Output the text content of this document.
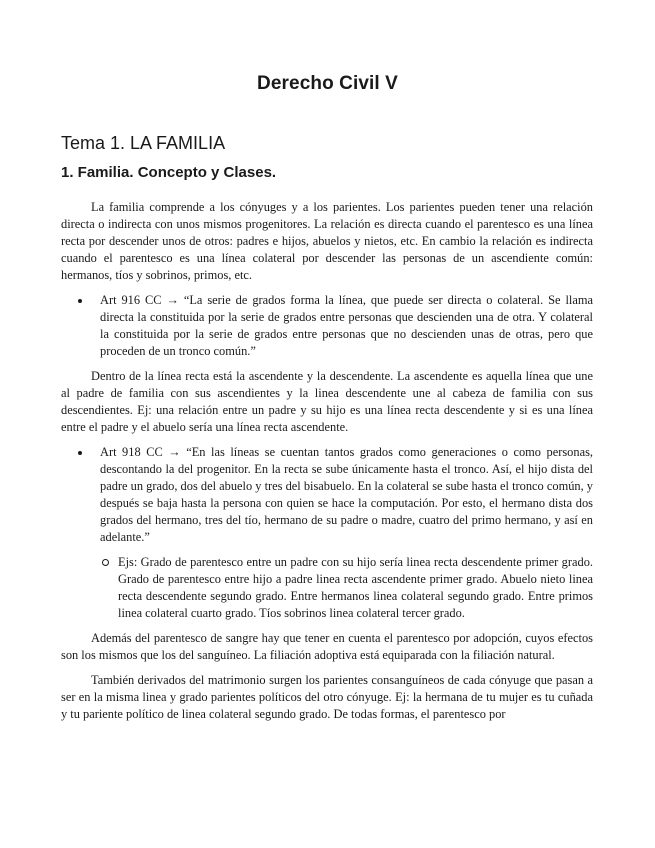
Derecho Civil V
Tema 1. LA FAMILIA
1. Familia. Concepto y Clases.

La familia comprende a los cónyuges y a los parientes. Los parientes pueden tener una relación directa o indirecta con unos mismos progenitores. La relación es directa cuando el parentesco es una línea recta por descender unos de otros: padres e hijos, abuelos y nietos, etc. En cambio la relación es indirecta cuando el parentesco es una línea colateral por descender las personas de un ascendiente común: hermanos, tíos y sobrinos, primos, etc.

Art 916 CC → “La serie de grados forma la línea, que puede ser directa o colateral. Se llama directa la constituida por la serie de grados entre personas que descienden una de otra. Y colateral la constituida por la serie de grados entre personas que no descienden unas de otras, pero que proceden de un tronco común.”

Dentro de la línea recta está la ascendente y la descendente. La ascendente es aquella línea que une al padre de familia con sus ascendientes y la linea descendente une al cabeza de familia con sus descendientes. Ej: una relación entre un padre y su hijo es una línea recta descendente y si es una línea entre el padre y el abuelo sería una línea recta ascendente.

Art 918 CC → “En las líneas se cuentan tantos grados como generaciones o como personas, descontando la del progenitor. En la recta se sube únicamente hasta el tronco. Así, el hijo dista del padre un grado, dos del abuelo y tres del bisabuelo. En la colateral se sube hasta el tronco común, y después se baja hasta la persona con quien se hace la computación. Por esto, el hermano dista dos grados del hermano, tres del tío, hermano de su padre o madre, cuatro del primo hermano, y así en adelante.”
Ejs: Grado de parentesco entre un padre con su hijo sería linea recta descendente primer grado. Grado de parentesco entre hijo a padre linea recta ascendente primer grado. Abuelo nieto linea recta descendente segundo grado. Entre hermanos linea colateral segundo grado. Entre primos linea colateral cuarto grado. Tíos sobrinos linea colateral tercer grado.

Además del parentesco de sangre hay que tener en cuenta el parentesco por adopción, cuyos efectos son los mismos que los del sanguíneo. La filiación adoptiva está equiparada con la filiación natural.

También derivados del matrimonio surgen los parientes consanguíneos de cada cónyuge que pasan a ser en la misma linea y grado parientes políticos del otro cónyuge. Ej: la hermana de tu mujer es tu cuñada y tu pariente político de linea colateral segundo grado. De todas formas, el parentesco por
